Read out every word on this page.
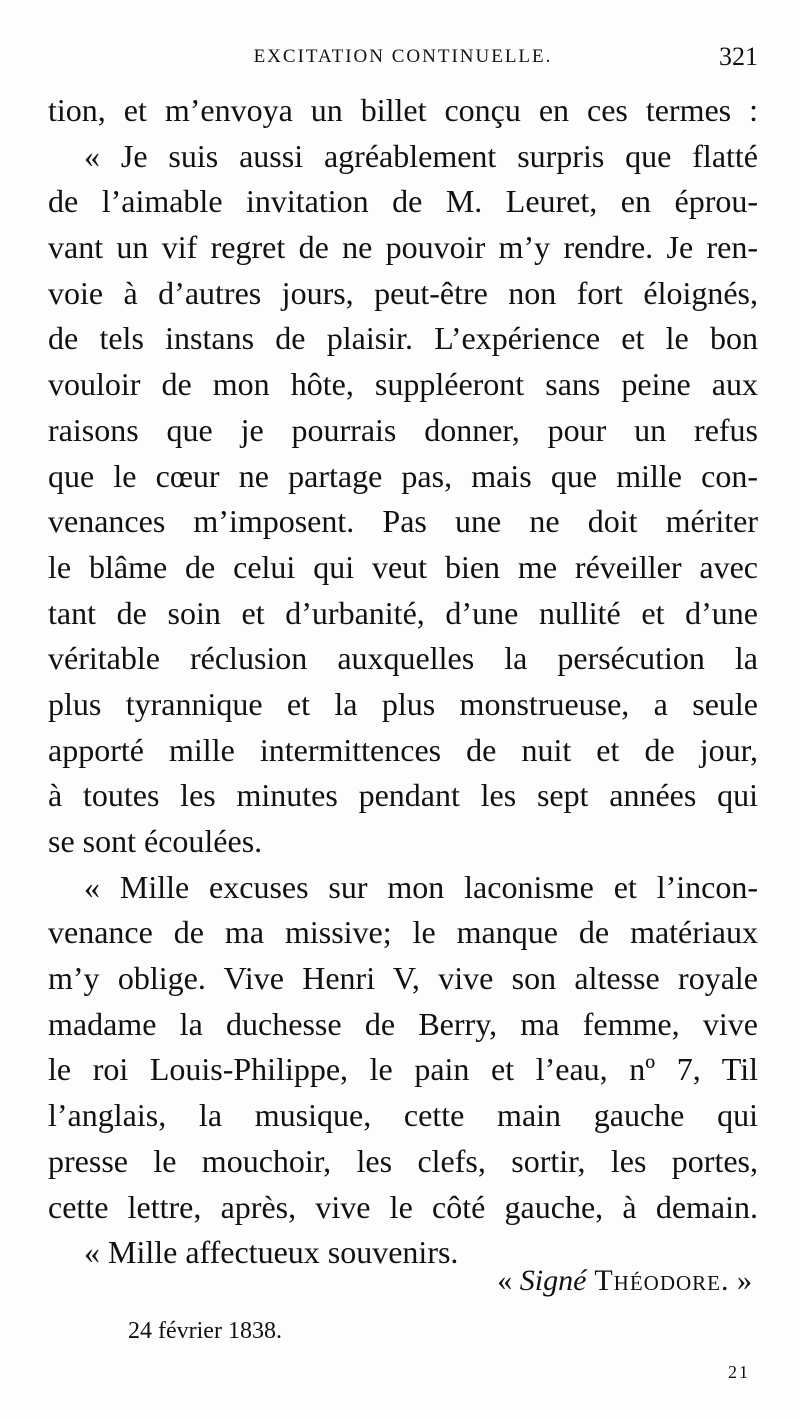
EXCITATION CONTINUELLE.	321
tion, et m’envoya un billet conçu en ces termes :
« Je suis aussi agréablement surpris que flatté
de l’aimable invitation de M. Leuret, en éprou-
vant un vif regret de ne pouvoir m’y rendre. Je ren-
voie à d’autres jours, peut-être non fort éloignés,
de tels instans de plaisir. L’expérience et le bon
vouloir de mon hôte, suppléeront sans peine aux
raisons que je pourrais donner, pour un refus
que le cœur ne partage pas, mais que mille con-
venances m’imposent. Pas une ne doit mériter
le blâme de celui qui veut bien me réveiller avec
tant de soin et d’urbanité, d’une nullité et d’une
véritable réclusion auxquelles la persécution la
plus tyrannique et la plus monstrueuse, a seule
apporté mille intermittences de nuit et de jour,
à toutes les minutes pendant les sept années qui
se sont écoulées.
« Mille excuses sur mon laconisme et l’incon-
venance de ma missive; le manque de matériaux
m’y oblige. Vive Henri V, vive son altesse royale
madame la duchesse de Berry, ma femme, vive
le roi Louis-Philippe, le pain et l’eau, nº 7, Til
l’anglais, la musique, cette main gauche qui
presse le mouchoir, les clefs, sortir, les portes,
cette lettre, après, vive le côté gauche, à demain.
« Mille affectueux souvenirs.
« Signé Théodore. »
24 février 1838.
21
